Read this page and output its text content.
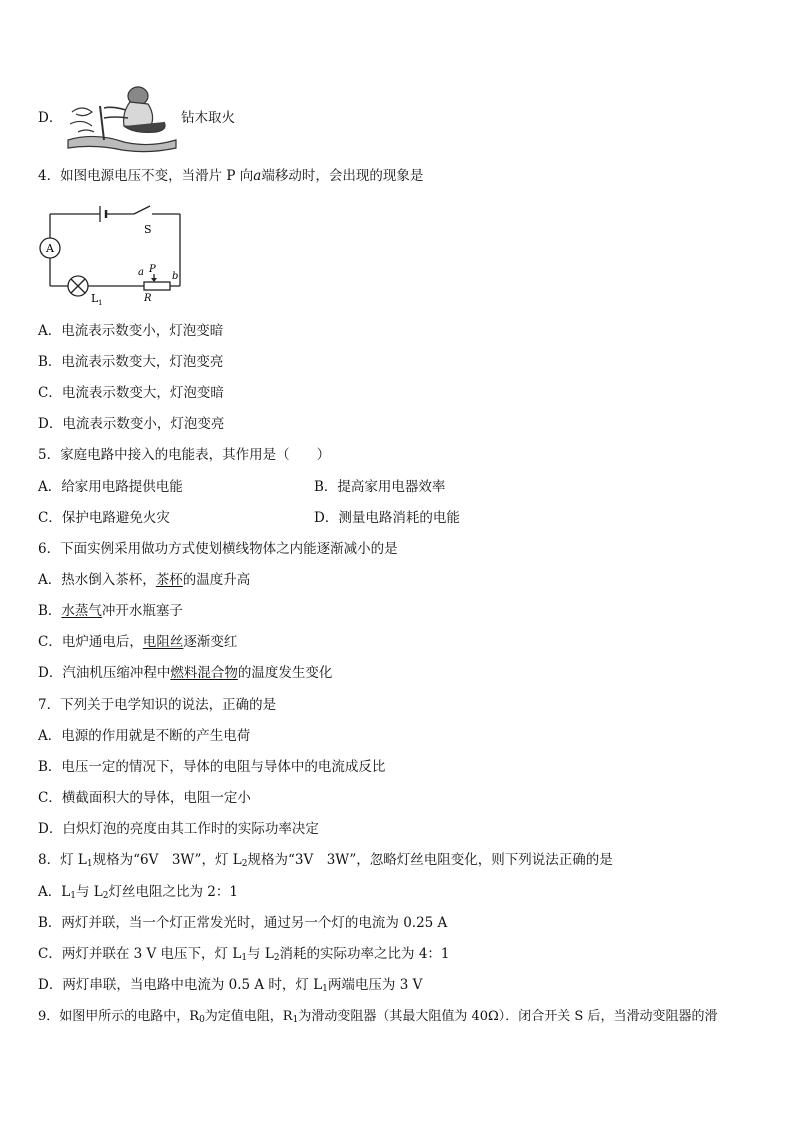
D．	钻木取火
4．如图电源电压不变，当滑片 P 向a端移动时，会出现的现象是
A
S
L 1
a P
b
R
A．电流表示数变小，灯泡变暗
B．电流表示数变大，灯泡变亮
C．电流表示数变大，灯泡变暗
D．电流表示数变小，灯泡变亮
5．家庭电路中接入的电能表，其作用是（　　）
A．给家用电路提供电能	B．提高家用电器效率
C．保护电路避免火灾	D．测量电路消耗的电能
6．下面实例采用做功方式使划横线物体之内能逐渐减小的是
A．热水倒入茶杯，茶杯的温度升高
B．水蒸气冲开水瓶塞子
C．电炉通电后，电阻丝逐渐变红
D．汽油机压缩冲程中燃料混合物的温度发生变化
7．下列关于电学知识的说法，正确的是
A．电源的作用就是不断的产生电荷
B．电压一定的情况下，导体的电阻与导体中的电流成反比
C．横截面积大的导体，电阻一定小
D．白炽灯泡的亮度由其工作时的实际功率决定
8．灯 $L_1$规格为“6V　3W”，灯 $L_2$规格为“3V　3W”，忽略灯丝电阻变化，则下列说法正确的是
A．$L_1$与 $L_2$灯丝电阻之比为 2：1
B．两灯并联，当一个灯正常发光时，通过另一个灯的电流为 0.25 A
C．两灯并联在 3 V 电压下，灯 $L_1$与 $L_2$消耗的实际功率之比为 4：1
D．两灯串联，当电路中电流为 0.5 A 时，灯 $L_1$两端电压为 3 V
9．如图甲所示的电路中，$R_0$为定值电阻，$R_1$为滑动变阻器（其最大阻值为 40Ω）．闭合开关 S 后，当滑动变阻器的滑
